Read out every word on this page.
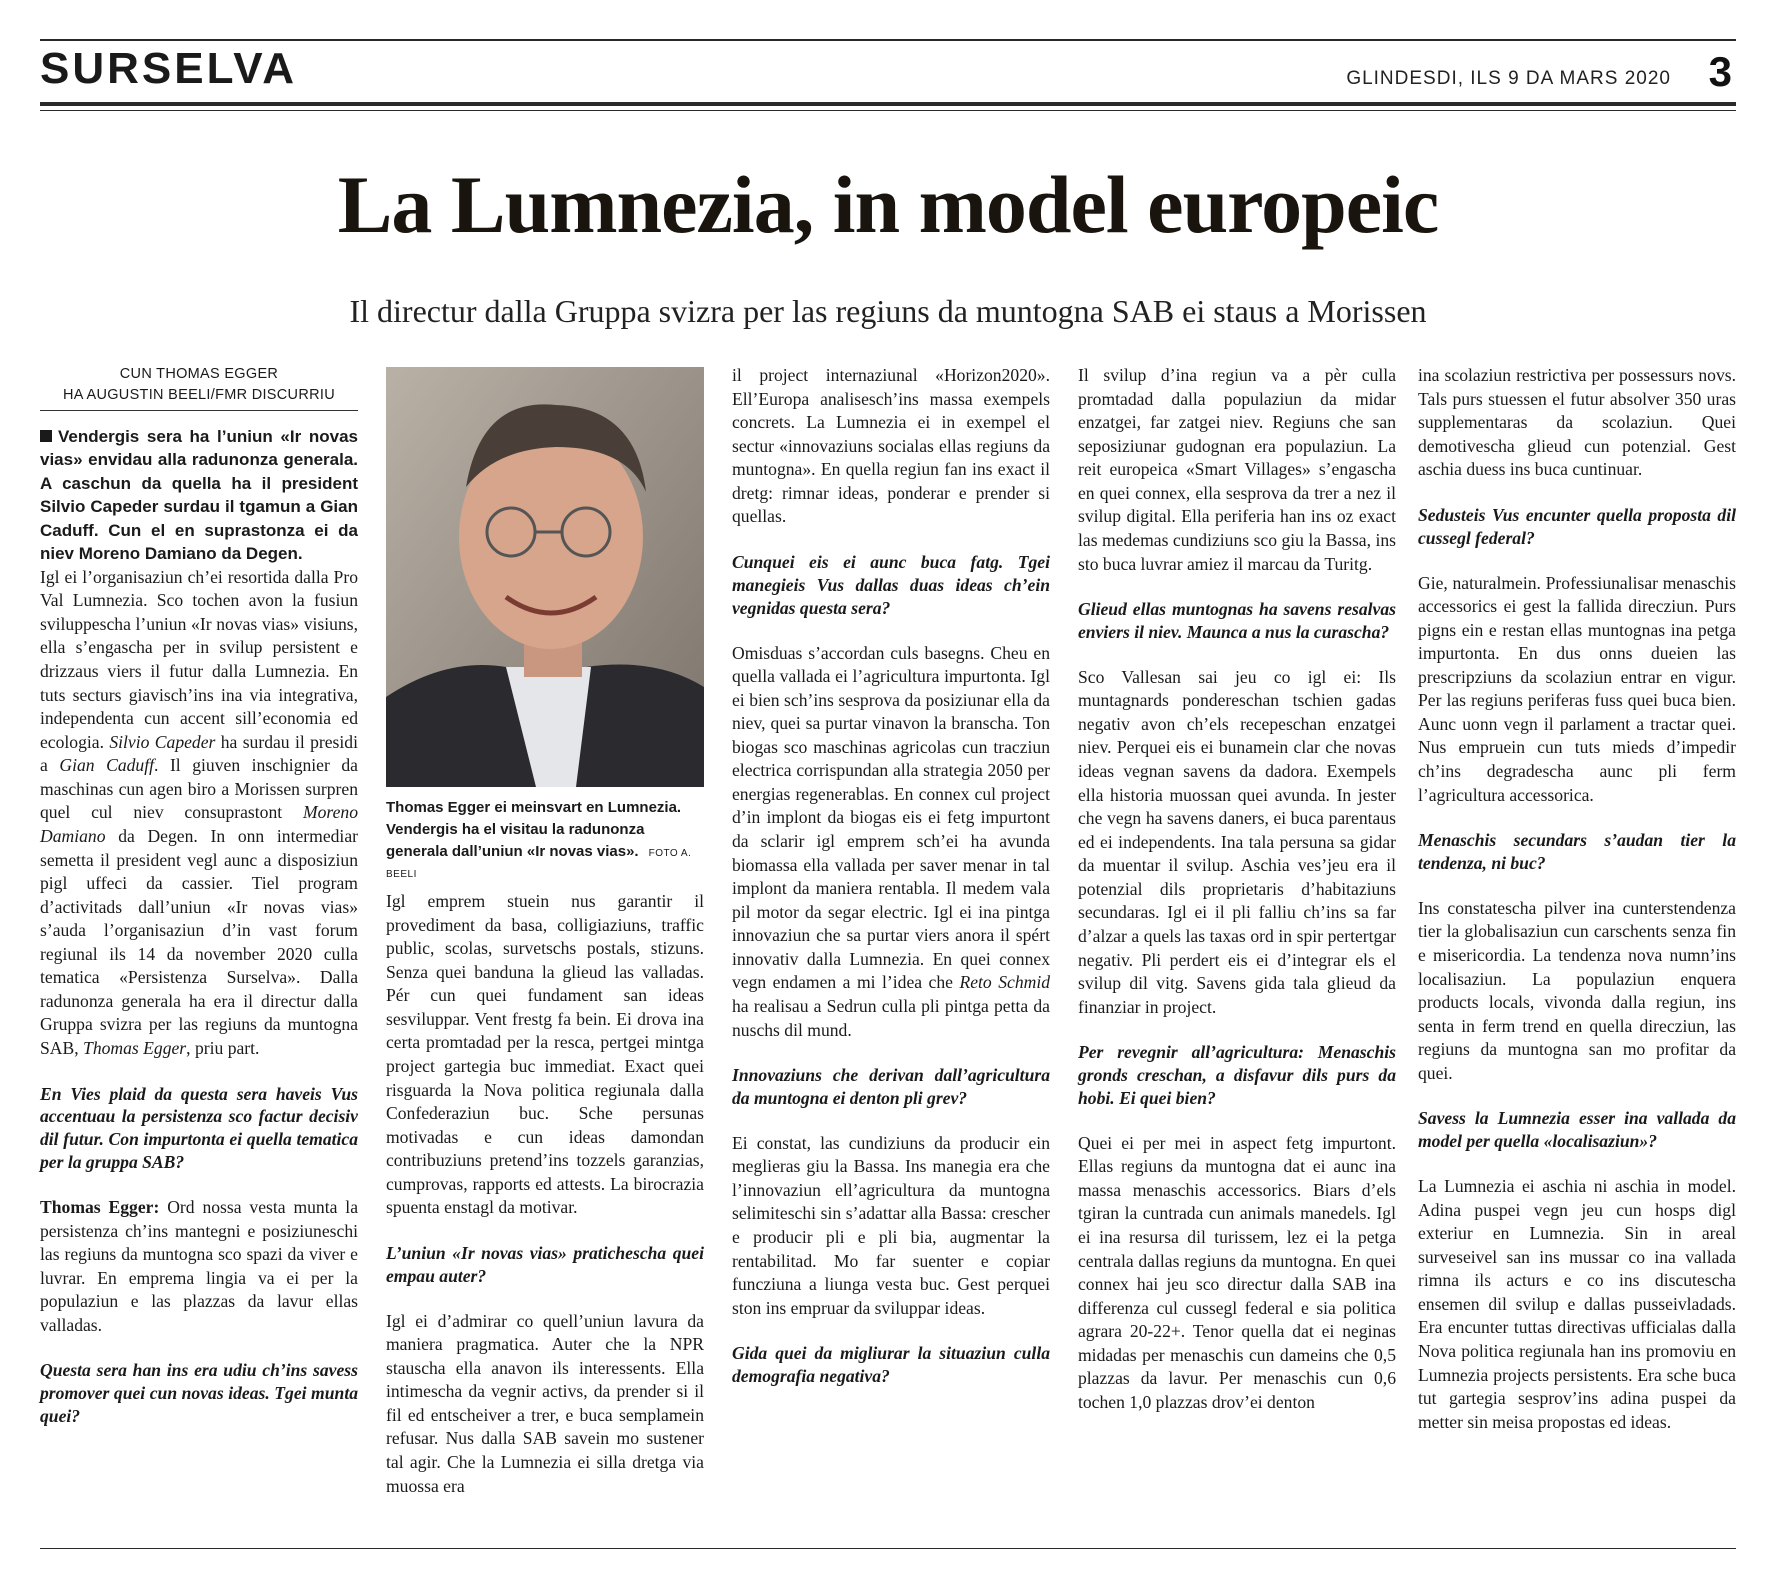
SURSELVA	GLINDESDI, ILS 9 DA MARS 2020 3
La Lumnezia, in model europeic
Il directur dalla Gruppa svizra per las regiuns da muntogna SAB ei staus a Morissen
CUN THOMAS EGGER
HA AUGUSTIN BEELI/FMR DISCURRIU

Vendergis sera ha l’uniun «Ir novas vias» envidau alla radunonza generala. A caschun da quella ha il president Silvio Capeder surdau il tgamun a Gian Caduff. Cun el en suprastonza ei da niev Moreno Damiano da Degen.

Igl ei l’organisaziun ch’ei resortida dalla Pro Val Lumnezia. Sco tochen avon la fusiun sviluppescha l’uniun «Ir novas vias» visiuns, ella s’engascha per in svilup persistent e drizzaus viers il futur dalla Lumnezia. En tuts secturs giavisch’ins ina via integrativa, independenta cun accent sill’economia ed ecologia. Silvio Capeder ha surdau il presidi a Gian Caduff. Il giuven inschignier da maschinas cun agen biro a Morissen surpren quel cul niev consuprastont Moreno Damiano da Degen. In onn intermediar semetta il president vegl aunc a disposiziun pigl uffeci da cassier. Tiel program d’activitads dall’uniun «Ir novas vias» s’auda l’organisaziun d’in vast forum regiunal ils 14 da november 2020 culla tematica «Persistenza Surselva». Dalla radunonza generala ha era il directur dalla Gruppa svizra per las regiuns da muntogna SAB, Thomas Egger, priu part.

En Vies plaid da questa sera haveis Vus accentuau la persistenza sco factur decisiv dil futur. Con impurtonta ei quella tematica per la gruppa SAB?

Thomas Egger: Ord nossa vesta munta la persistenza ch’ins mantegni e posiziuneschi las regiuns da muntogna sco spazi da viver e luvrar. En emprema lingia va ei per la populaziun e las plazzas da lavur ellas valladas.

Questa sera han ins era udiu ch’ins savess promover quei cun novas ideas. Tgei munta quei?

Thomas Egger ei meinsvart en Lumnezia. Vendergis ha el visitau la radunonza generala dall’uniun «Ir novas vias». FOTO A. BEELI

Igl emprem stuein nus garantir il provediment da basa, colligiaziuns, traffic public, scolas, survetschs postals, stizuns. Senza quei banduna la glieud las valladas. Pér cun quei fundament san ideas sesviluppar. Vent frestg fa bein. Ei drova ina certa promtadad per la resca, pertgei mintga project gartegia buc immediat. Exact quei risguarda la Nova politica regiunala dalla Confederaziun buc. Sche persunas motivadas e cun ideas damondan contribuziuns pretend’ins tozzels garanzias, cumprovas, rapports ed attests. La birocrazia spuenta enstagl da motivar.

L’uniun «Ir novas vias» pratichescha quei empau auter?

Igl ei d’admirar co quell’uniun lavura da maniera pragmatica. Auter che la NPR stauscha ella anavon ils interessents. Ella intimescha da vegnir activs, da prender si il fil ed entscheiver a trer, e buca semplamein refusar. Nus dalla SAB savein mo sustener tal agir. Che la Lumnezia ei silla dretga via muossa era

il project internaziunal «Horizon2020». Ell’Europa analisesch’ins massa exempels concrets. La Lumnezia ei in exempel el sectur «innovaziuns socialas ellas regiuns da muntogna». En quella regiun fan ins exact il dretg: rimnar ideas, ponderar e prender si quellas.

Cunquei eis ei aunc buca fatg. Tgei manegieis Vus dallas duas ideas ch’ein vegnidas questa sera?

Omisduas s’accordan culs basegns. Cheu en quella vallada ei l’agricultura impurtonta. Igl ei bien sch’ins sesprova da posiziunar ella da niev, quei sa purtar vinavon la branscha. Ton biogas sco maschinas agricolas cun tracziun electrica corrispundan alla strategia 2050 per energias regenerablas. En connex cul project d’in implont da biogas eis ei fetg impurtont da sclarir igl emprem sch’ei ha avunda biomassa ella vallada per saver menar in tal implont da maniera rentabla. Il medem vala pil motor da segar electric. Igl ei ina pintga innovaziun che sa purtar viers anora il spért innovativ dalla Lumnezia. En quei connex vegn endamen a mi l’idea che Reto Schmid ha realisau a Sedrun culla pli pintga petta da nuschs dil mund.

Innovaziuns che derivan dall’agricultura da muntogna ei denton pli grev?

Ei constat, las cundiziuns da producir ein meglieras giu la Bassa. Ins manegia era che l’innovaziun ell’agricultura da muntogna selimiteschi sin s’adattar alla Bassa: crescher e producir pli e pli bia, augmentar la rentabilitad. Mo far suenter e copiar funcziuna a liunga vesta buc. Gest perquei ston ins empruar da sviluppar ideas.

Gida quei da migliurar la situaziun culla demografia negativa?

Il svilup d’ina regiun va a pèr culla promtadad dalla populaziun da midar enzatgei, far zatgei niev. Regiuns che san seposiziunar gudognan era populaziun. La reit europeica «Smart Villages» s’engascha en quei connex, ella sesprova da trer a nez il svilup digital. Ella periferia han ins oz exact las medemas cundiziuns sco giu la Bassa, ins sto buca luvrar amiez il marcau da Turitg.

Glieud ellas muntognas ha savens resalvas enviers il niev. Maunca a nus la curascha?

Sco Vallesan sai jeu co igl ei: Ils muntagnards pondereschan tschien gadas negativ avon ch’els recepeschan enzatgei niev. Perquei eis ei bunamein clar che novas ideas vegnan savens da dadora. Exempels ella historia muossan quei avunda. In jester che vegn ha savens daners, ei buca parentaus ed ei independents. Ina tala persuna sa gidar da muentar il svilup. Aschia ves’jeu era il potenzial dils proprietaris d’habitaziuns secundaras. Igl ei il pli falliu ch’ins sa far d’alzar a quels las taxas ord in spir pertertgar negativ. Pli perdert eis ei d’integrar els el svilup dil vitg. Savens gida tala glieud da finanziar in project.

Per revegnir all’agricultura: Menaschis gronds creschan, a disfavur dils purs da hobi. Ei quei bien?

Quei ei per mei in aspect fetg impurtont. Ellas regiuns da muntogna dat ei aunc ina massa menaschis accessorics. Biars d’els tgiran la cuntrada cun animals manedels. Igl ei ina resursa dil turissem, lez ei la petga centrala dallas regiuns da muntogna. En quei connex hai jeu sco directur dalla SAB ina differenza cul cussegl federal e sia politica agrara 20-22+. Tenor quella dat ei neginas midadas per menaschis cun dameins che 0,5 plazzas da lavur. Per menaschis cun 0,6 tochen 1,0 plazzas drov’ei denton

ina scolaziun restrictiva per possessurs novs. Tals purs stuessen el futur absolver 350 uras supplementaras da scolaziun. Quei demotivescha glieud cun potenzial. Gest aschia duess ins buca cuntinuar.

Sedusteis Vus encunter quella proposta dil cussegl federal?

Gie, naturalmein. Professiunalisar menaschis accessorics ei gest la fallida direcziun. Purs pigns ein e restan ellas muntognas ina petga impurtonta. En dus onns dueien las prescripziuns da scolaziun entrar en vigur. Per las regiuns periferas fuss quei buca bien. Aunc uonn vegn il parlament a tractar quei. Nus empruein cun tuts mieds d’impedir ch’ins degradescha aunc pli ferm l’agricultura accessorica.

Menaschis secundars s’audan tier la tendenza, ni buc?

Ins constatescha pilver ina cunterstendenza tier la globalisaziun cun carschents senza fin e misericordia. La tendenza nova numn’ins localisaziun. La populaziun enquera products locals, vivonda dalla regiun, ins senta in ferm trend en quella direcziun, las regiuns da muntogna san mo profitar da quei.

Savess la Lumnezia esser ina vallada da model per quella «localisaziun»?

La Lumnezia ei aschia ni aschia in model. Adina puspei vegn jeu cun hosps digl exteriur en Lumnezia. Sin in areal surveseivel san ins mussar co ina vallada rimna ils acturs e co ins discutescha ensemen dil svilup e dallas pusseivladads. Era encunter tuttas directivas ufficialas dalla Nova politica regiunala han ins promoviu en Lumnezia projects persistents. Era sche buca tut gartegia sesprov’ins adina puspei da metter sin meisa propostas ed ideas.
